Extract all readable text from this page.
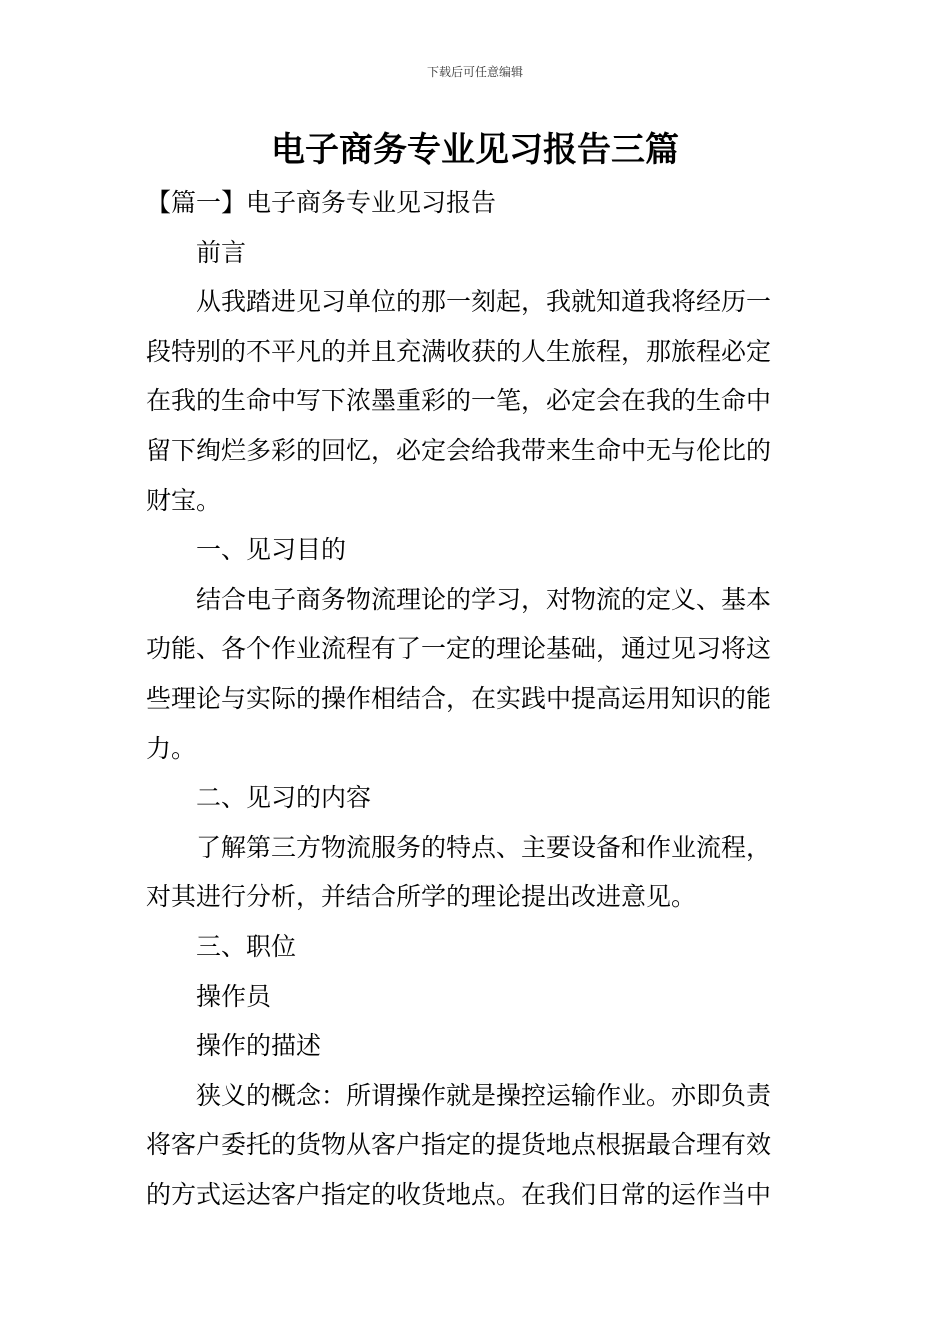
下载后可任意编辑
电子商务专业见习报告三篇

【篇一】电子商务专业见习报告

前言

从我踏进见习单位的那一刻起，我就知道我将经历一

段特别的不平凡的并且充满收获的人生旅程，那旅程必定

在我的生命中写下浓墨重彩的一笔，必定会在我的生命中

留下绚烂多彩的回忆，必定会给我带来生命中无与伦比的

财宝。

一、见习目的

结合电子商务物流理论的学习，对物流的定义、基本

功能、各个作业流程有了一定的理论基础，通过见习将这

些理论与实际的操作相结合，在实践中提高运用知识的能

力。

二、见习的内容

了解第三方物流服务的特点、主要设备和作业流程，

对其进行分析，并结合所学的理论提出改进意见。

三、职位

操作员

操作的描述

狭义的概念：所谓操作就是操控运输作业。亦即负责

将客户委托的货物从客户指定的提货地点根据最合理有效

的方式运达客户指定的收货地点。在我们日常的运作当中
